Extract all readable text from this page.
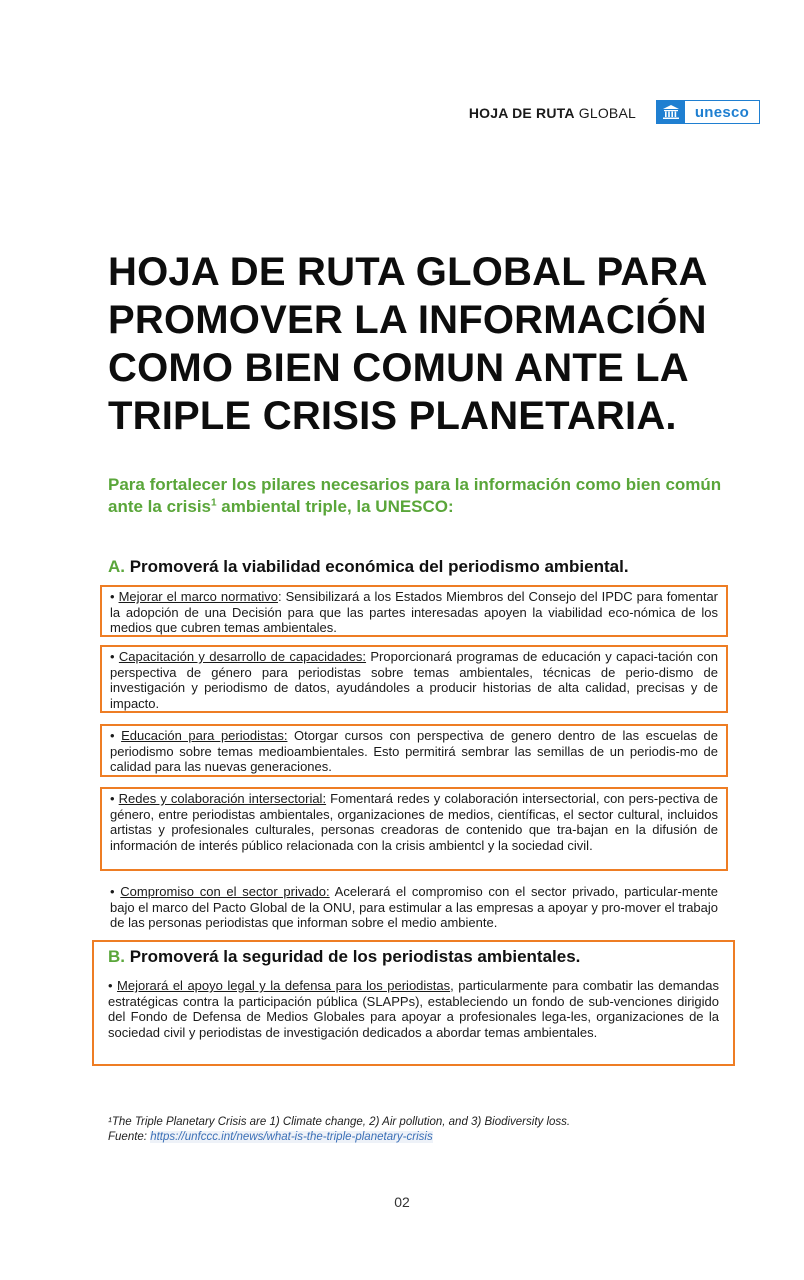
HOJA DE RUTA GLOBAL	unesco
HOJA DE RUTA GLOBAL PARA PROMOVER LA INFORMACIÓN COMO BIEN COMUN ANTE LA TRIPLE CRISIS PLANETARIA.

Para fortalecer los pilares necesarios para la información como bien común ante la crisis$^1$ ambiental triple, la UNESCO:

A. Promoverá la viabilidad económica del periodismo ambiental.
• Mejorar el marco normativo: Sensibilizará a los Estados Miembros del Consejo del IPDC para fomentar la adopción de una Decisión para que las partes interesadas apoyen la viabilidad eco-nómica de los medios que cubren temas ambientales.
• Capacitación y desarrollo de capacidades: Proporcionará programas de educación y capaci-tación con perspectiva de género para periodistas sobre temas ambientales, técnicas de perio-dismo de investigación y periodismo de datos, ayudándoles a producir historias de alta calidad, precisas y de impacto.
• Educación para periodistas: Otorgar cursos con perspectiva de genero dentro de las escuelas de periodismo sobre temas medioambientales. Esto permitirá sembrar las semillas de un periodis-mo de calidad para las nuevas generaciones.
• Redes y colaboración intersectorial: Fomentará redes y colaboración intersectorial, con pers-pectiva de género, entre periodistas ambientales, organizaciones de medios, científicas, el sector cultural, incluidos artistas y profesionales culturales, personas creadoras de contenido que tra-bajan en la difusión de información de interés público relacionada con la crisis ambientcl y la sociedad civil.
• Compromiso con el sector privado: Acelerará el compromiso con el sector privado, particular-mente bajo el marco del Pacto Global de la ONU, para estimular a las empresas a apoyar y pro-mover el trabajo de las personas periodistas que informan sobre el medio ambiente.
B. Promoverá la seguridad de los periodistas ambientales.
• Mejorará el apoyo legal y la defensa para los periodistas, particularmente para combatir las demandas estratégicas contra la participación pública (SLAPPs), estableciendo un fondo de sub-venciones dirigido del Fondo de Defensa de Medios Globales para apoyar a profesionales lega-les, organizaciones de la sociedad civil y periodistas de investigación dedicados a abordar temas ambientales.
¹The Triple Planetary Crisis are 1) Climate change, 2) Air pollution, and 3) Biodiversity loss.
Fuente: https://unfccc.int/news/what-is-the-triple-planetary-crisis
02
